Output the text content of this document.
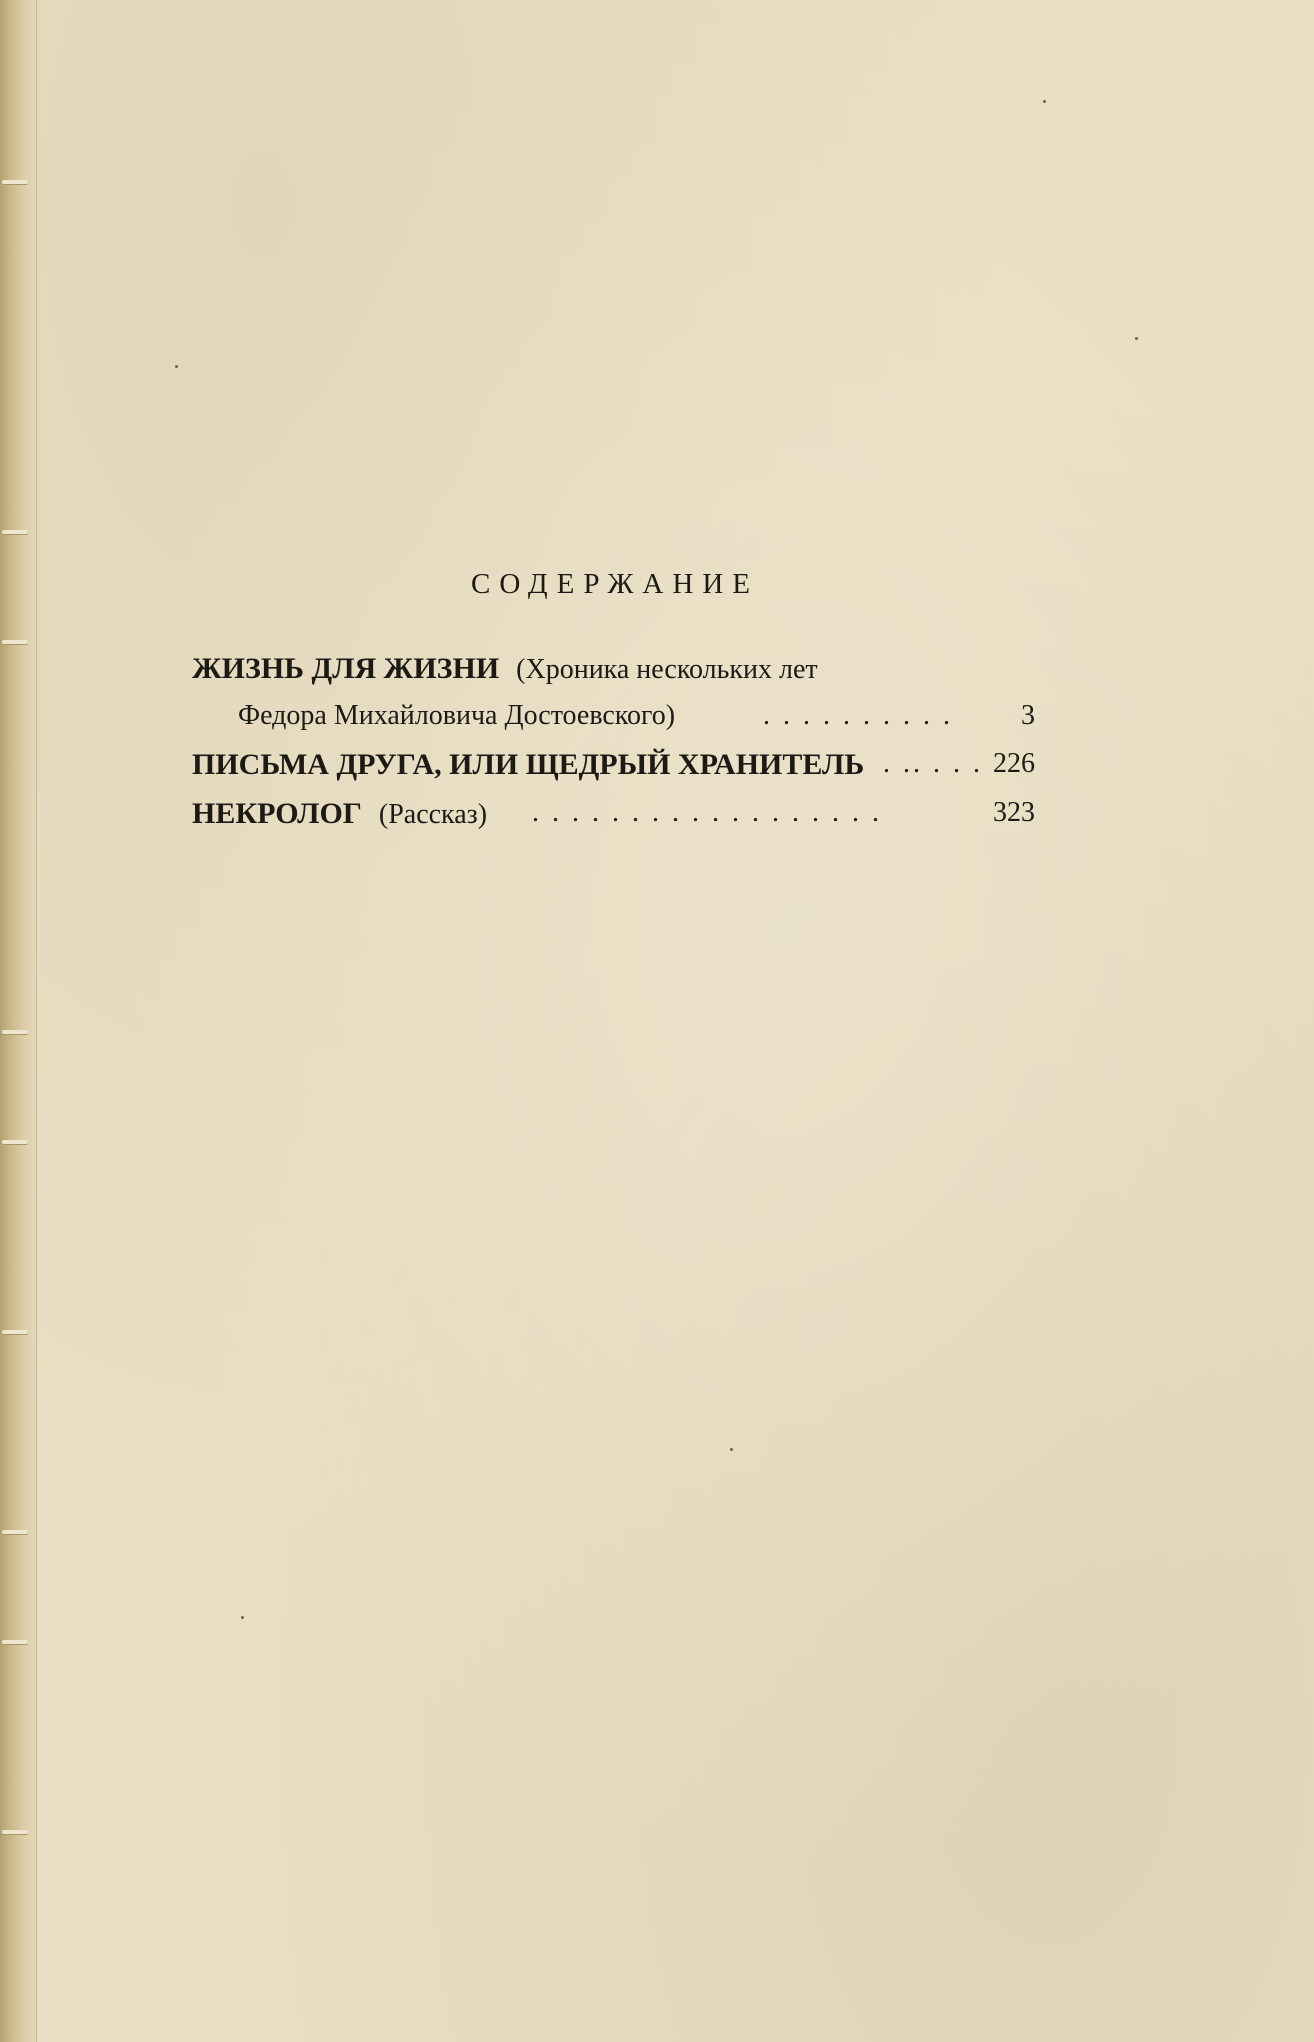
СОДЕРЖАНИЕ
ЖИЗНЬ ДЛЯ ЖИЗНИ (Хроника нескольких лет
Федора Михайловича Достоевского)	. . . . . . . . . .	3
ПИСЬМА ДРУГА, ИЛИ ЩЕДРЫЙ ХРАНИТЕЛЬ . .. . . . 226
НЕКРОЛОГ (Рассказ) . . . . . . . . . . . . . . . . . .	323
